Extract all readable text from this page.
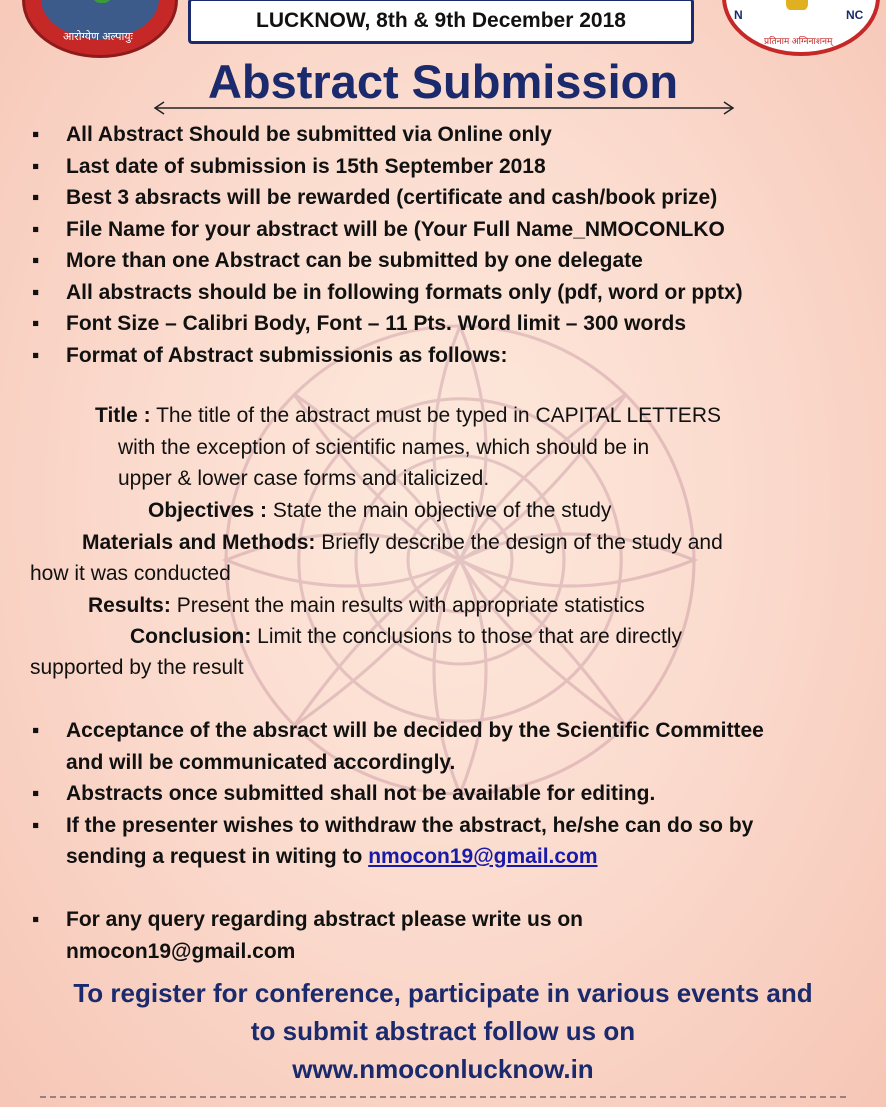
आरोग्येण अल्पायुः
LUCKNOW, 8th & 9th December 2018	N	NC
प्रतिनाम अग्निनाशनम्
Abstract Submission
▪ All Abstract Should be submitted via Online only
▪ Last date of submission is 15th September 2018
▪ Best 3 absracts will be rewarded (certificate and cash/book prize)
▪ File Name for your abstract will be (Your Full Name_NMOCONLKO
▪ More than one Abstract can be submitted by one delegate
▪ All abstracts should be in following formats only (pdf, word or pptx)
▪ Font Size – Calibri Body, Font – 11 Pts. Word limit – 300 words
▪ Format of Abstract submissionis as follows:
Title : The title of the abstract must be typed in CAPITAL LETTERS
with the exception of scientific names, which should be in
upper & lower case forms and italicized.
Objectives : State the main objective of the study
Materials and Methods: Briefly describe the design of the study and
how it was conducted
Results: Present the main results with appropriate statistics
Conclusion: Limit the conclusions to those that are directly
supported by the result
▪ Acceptance of the absract will be decided by the Scientific Committee
and will be communicated accordingly.
▪ Abstracts once submitted shall not be available for editing.
▪ If the presenter wishes to withdraw the abstract, he/she can do so by
sending a request in witing to nmocon19@gmail.com
▪ For any query regarding abstract please write us on
nmocon19@gmail.com
To register for conference, participate in various events and
to submit abstract follow us on
www.nmoconlucknow.in
